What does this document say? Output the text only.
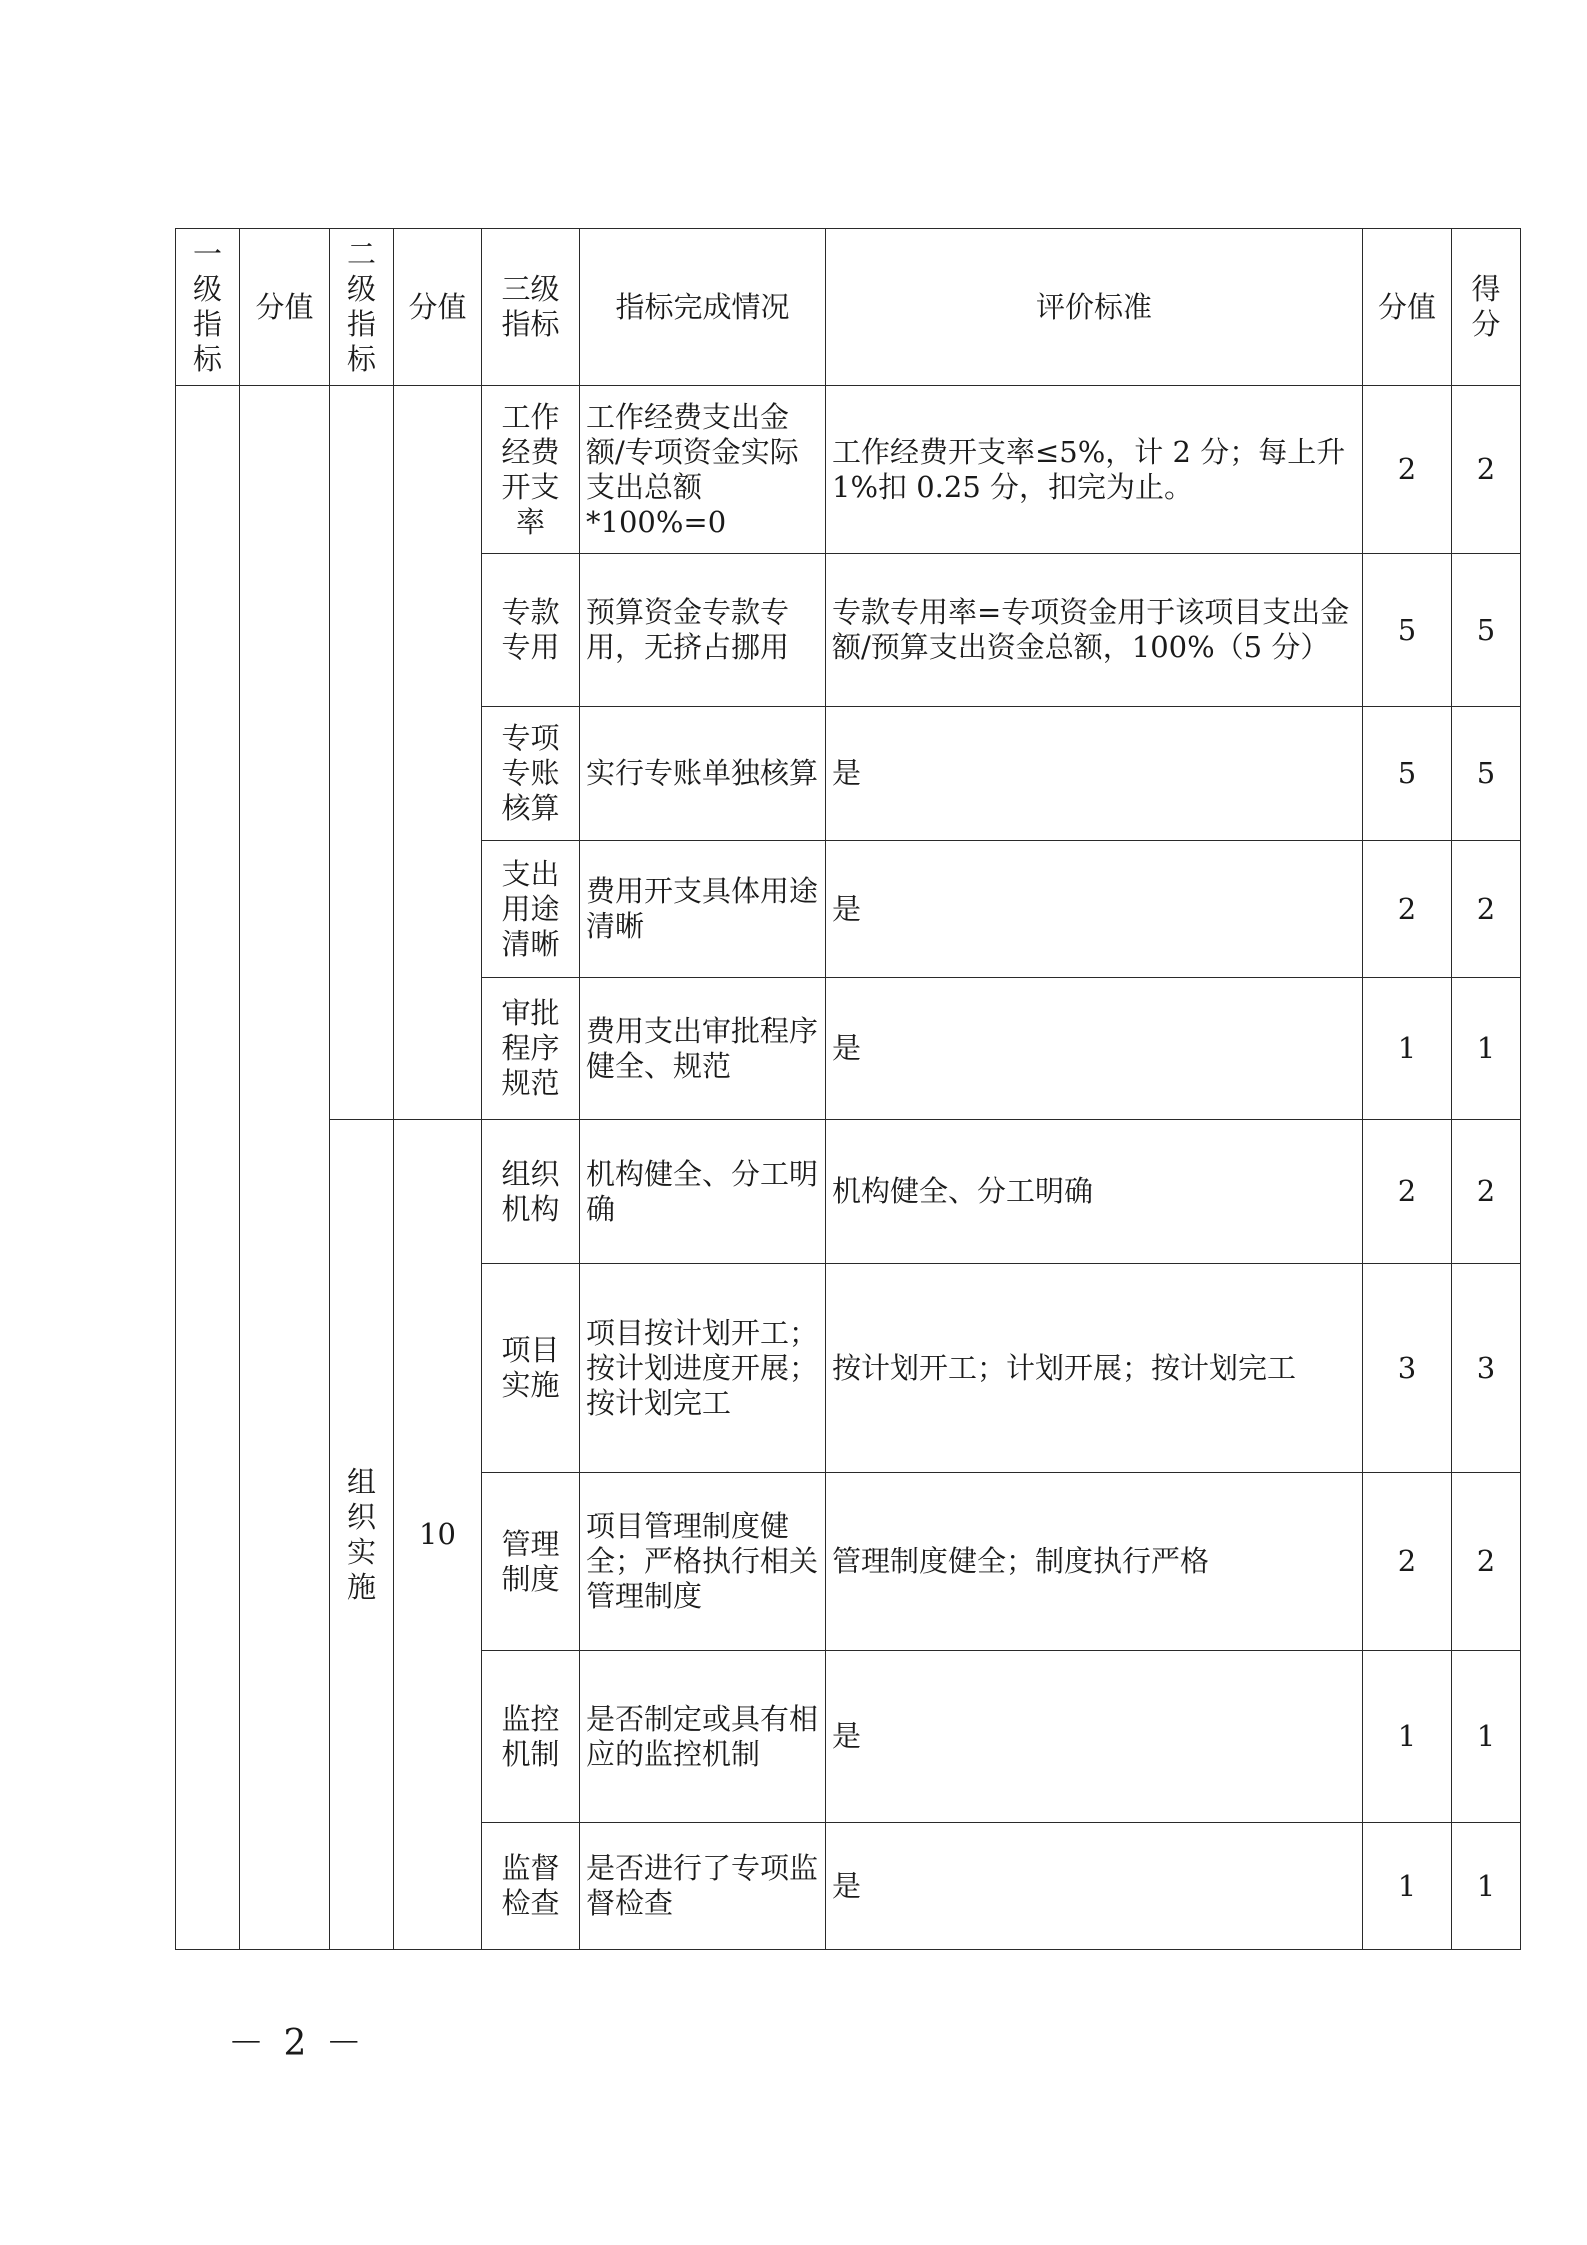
一级指标	分值	二级指标	分值	三级指标	指标完成情况	评价标准	分值	得分
				工作经费开支率	工作经费支出金额/专项资金实际支出总额*100%=0	工作经费开支率≤5%，计 2 分；每上升 1%扣 0.25 分，扣完为止。	2	2
				专款专用	预算资金专款专用，无挤占挪用	专款专用率=专项资金用于该项目支出金额/预算支出资金总额，100%（5 分）	5	5
				专项专账核算	实行专账单独核算	是	5	5
				支出用途清晰	费用开支具体用途清晰	是	2	2
				审批程序规范	费用支出审批程序健全、规范	是	1	1
		组织实施	10	组织机构	机构健全、分工明确	机构健全、分工明确	2	2
				项目实施	项目按计划开工；按计划进度开展；按计划完工	按计划开工；计划开展；按计划完工	3	3
				管理制度	项目管理制度健全；严格执行相关管理制度	管理制度健全；制度执行严格	2	2
				监控机制	是否制定或具有相应的监控机制	是	1	1
				监督检查	是否进行了专项监督检查	是	1	1
－ 2 －
